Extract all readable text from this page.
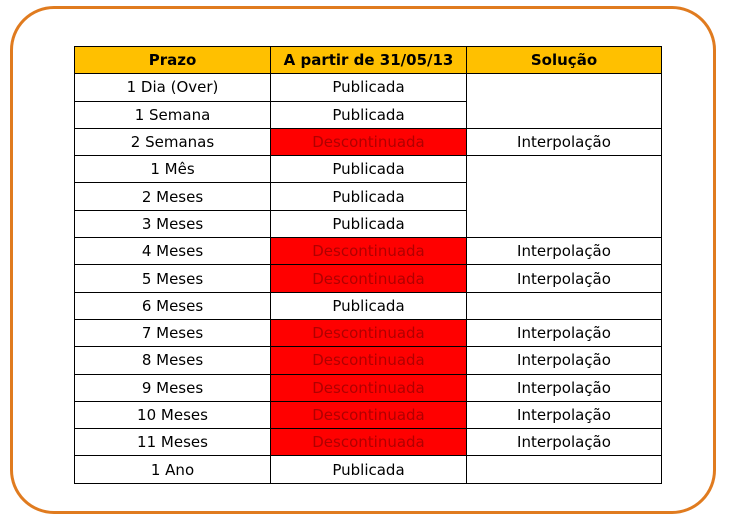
Prazo	A partir de 31/05/13	Solução
1 Dia (Over)	Publicada	
1 Semana	Publicada	
2 Semanas	Descontinuada	Interpolação
1 Mês	Publicada	
2 Meses	Publicada	
3 Meses	Publicada	
4 Meses	Descontinuada	Interpolação
5 Meses	Descontinuada	Interpolação
6 Meses	Publicada	
7 Meses	Descontinuada	Interpolação
8 Meses	Descontinuada	Interpolação
9 Meses	Descontinuada	Interpolação
10 Meses	Descontinuada	Interpolação
11 Meses	Descontinuada	Interpolação
1 Ano	Publicada	
